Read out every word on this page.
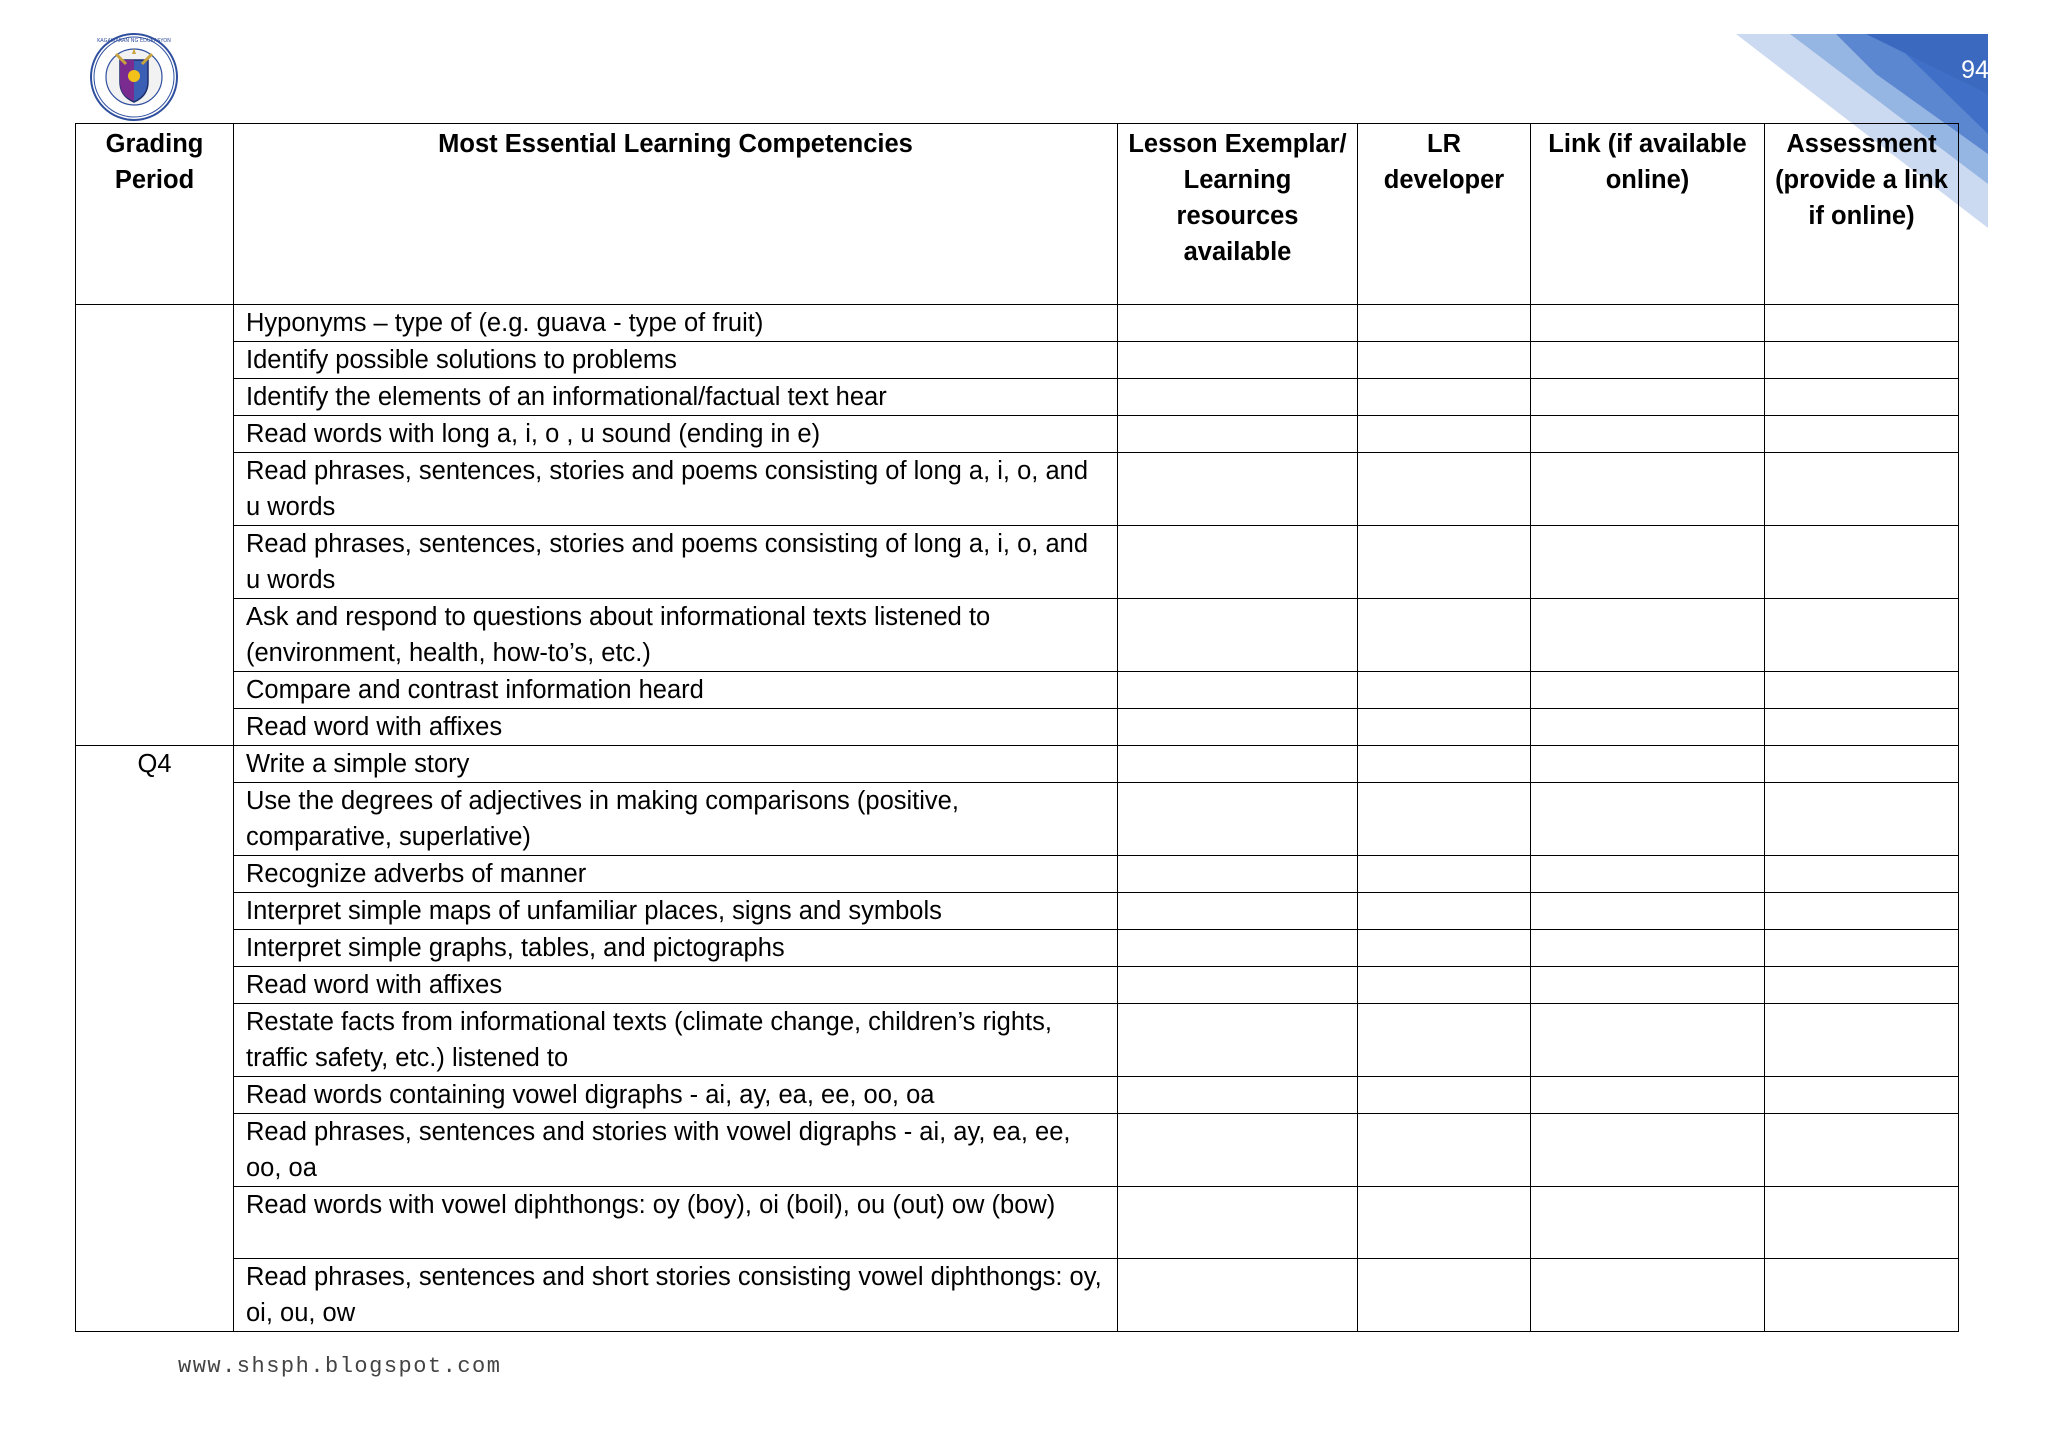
KAGAWARAN NG EDUKASYON
94
Grading Period	Most Essential Learning Competencies	Lesson Exemplar/ Learning resources available	LR developer	Link (if available online)	Assessment (provide a link if online)
	Hyponyms – type of (e.g. guava - type of fruit)				
	Identify possible solutions to problems				
	Identify the elements of an informational/factual text hear				
	Read words with long a, i, o , u sound (ending in e)				
	Read phrases, sentences, stories and poems consisting of long a, i, o, and u words				
	Read phrases, sentences, stories and poems consisting of long a, i, o, and u words				
	Ask and respond to questions about informational texts listened to (environment, health, how-to’s, etc.)				
	Compare and contrast information heard				
	Read word with affixes				
Q4	Write a simple story				
	Use the degrees of adjectives in making comparisons (positive, comparative, superlative)				
	Recognize adverbs of manner				
	Interpret simple maps of unfamiliar places, signs and symbols				
	Interpret simple graphs, tables, and pictographs				
	Read word with affixes				
	Restate facts from informational texts (climate change, children’s rights, traffic safety, etc.) listened to				
	Read words containing vowel digraphs - ai, ay, ea, ee, oo, oa				
	Read phrases, sentences and stories with vowel digraphs - ai, ay, ea, ee, oo, oa				
	Read words with vowel diphthongs: oy (boy), oi (boil), ou (out) ow (bow)				
	Read phrases, sentences and short stories consisting vowel diphthongs: oy, oi, ou, ow				
www.shsph.blogspot.com
